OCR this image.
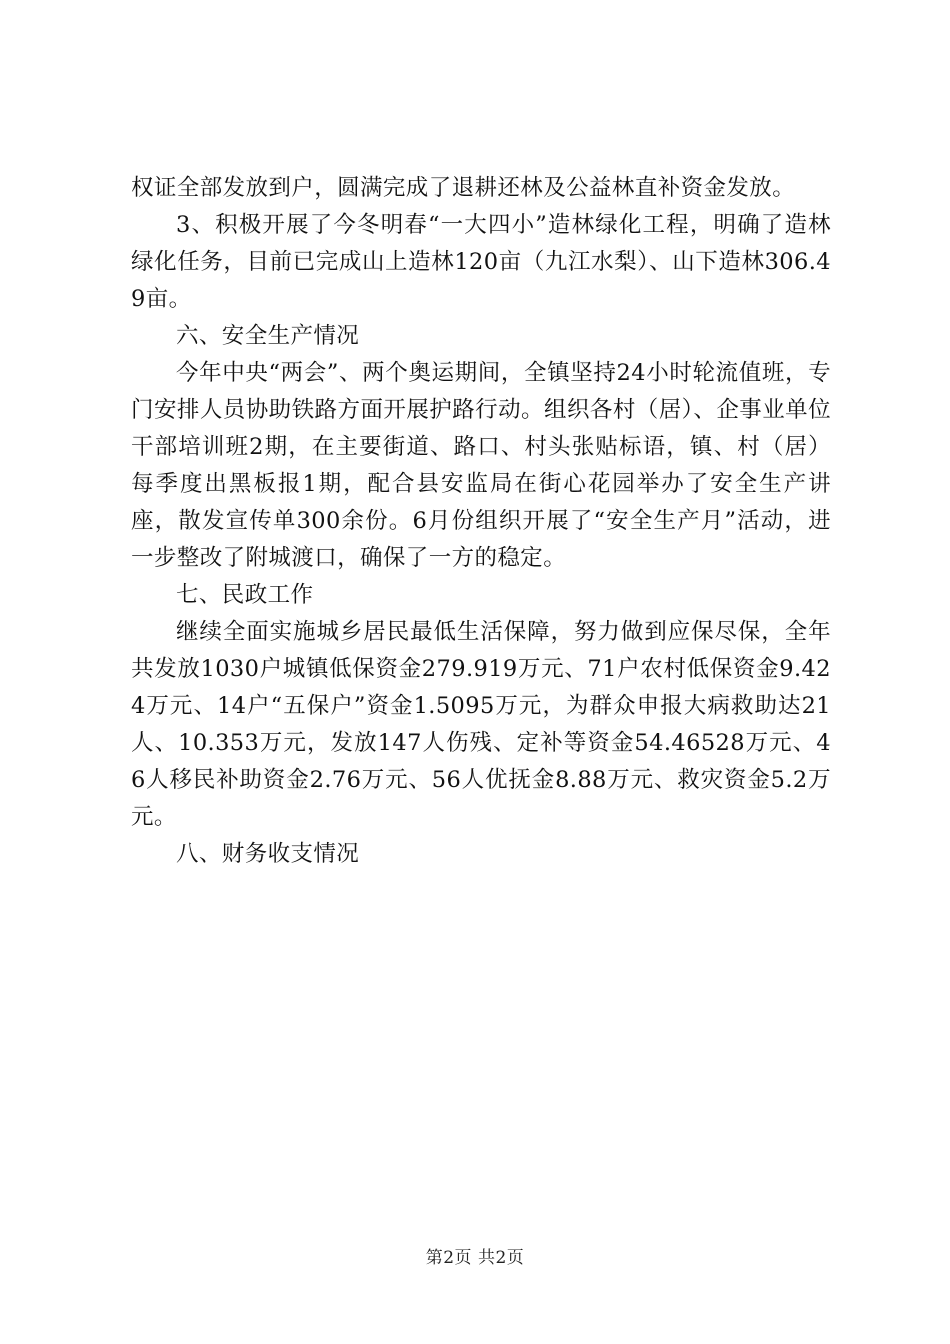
权证全部发放到户，圆满完成了退耕还林及公益林直补资金发放。

3、积极开展了今冬明春“一大四小”造林绿化工程，明确了造林绿化任务，目前已完成山上造林120亩（九江水梨）、山下造林306.49亩。

六、安全生产情况

今年中央“两会”、两个奥运期间，全镇坚持24小时轮流值班，专门安排人员协助铁路方面开展护路行动。组织各村（居）、企事业单位干部培训班2期，在主要街道、路口、村头张贴标语，镇、村（居）每季度出黑板报1期，配合县安监局在街心花园举办了安全生产讲座，散发宣传单300余份。6月份组织开展了“安全生产月”活动，进一步整改了附城渡口，确保了一方的稳定。

七、民政工作

继续全面实施城乡居民最低生活保障，努力做到应保尽保，全年共发放1030户城镇低保资金279.919万元、71户农村低保资金9.424万元、14户“五保户”资金1.5095万元，为群众申报大病救助达21人、10.353万元，发放147人伤残、定补等资金54.46528万元、46人移民补助资金2.76万元、56人优抚金8.88万元、救灾资金5.2万元。

八、财务收支情况

第2页 共2页
